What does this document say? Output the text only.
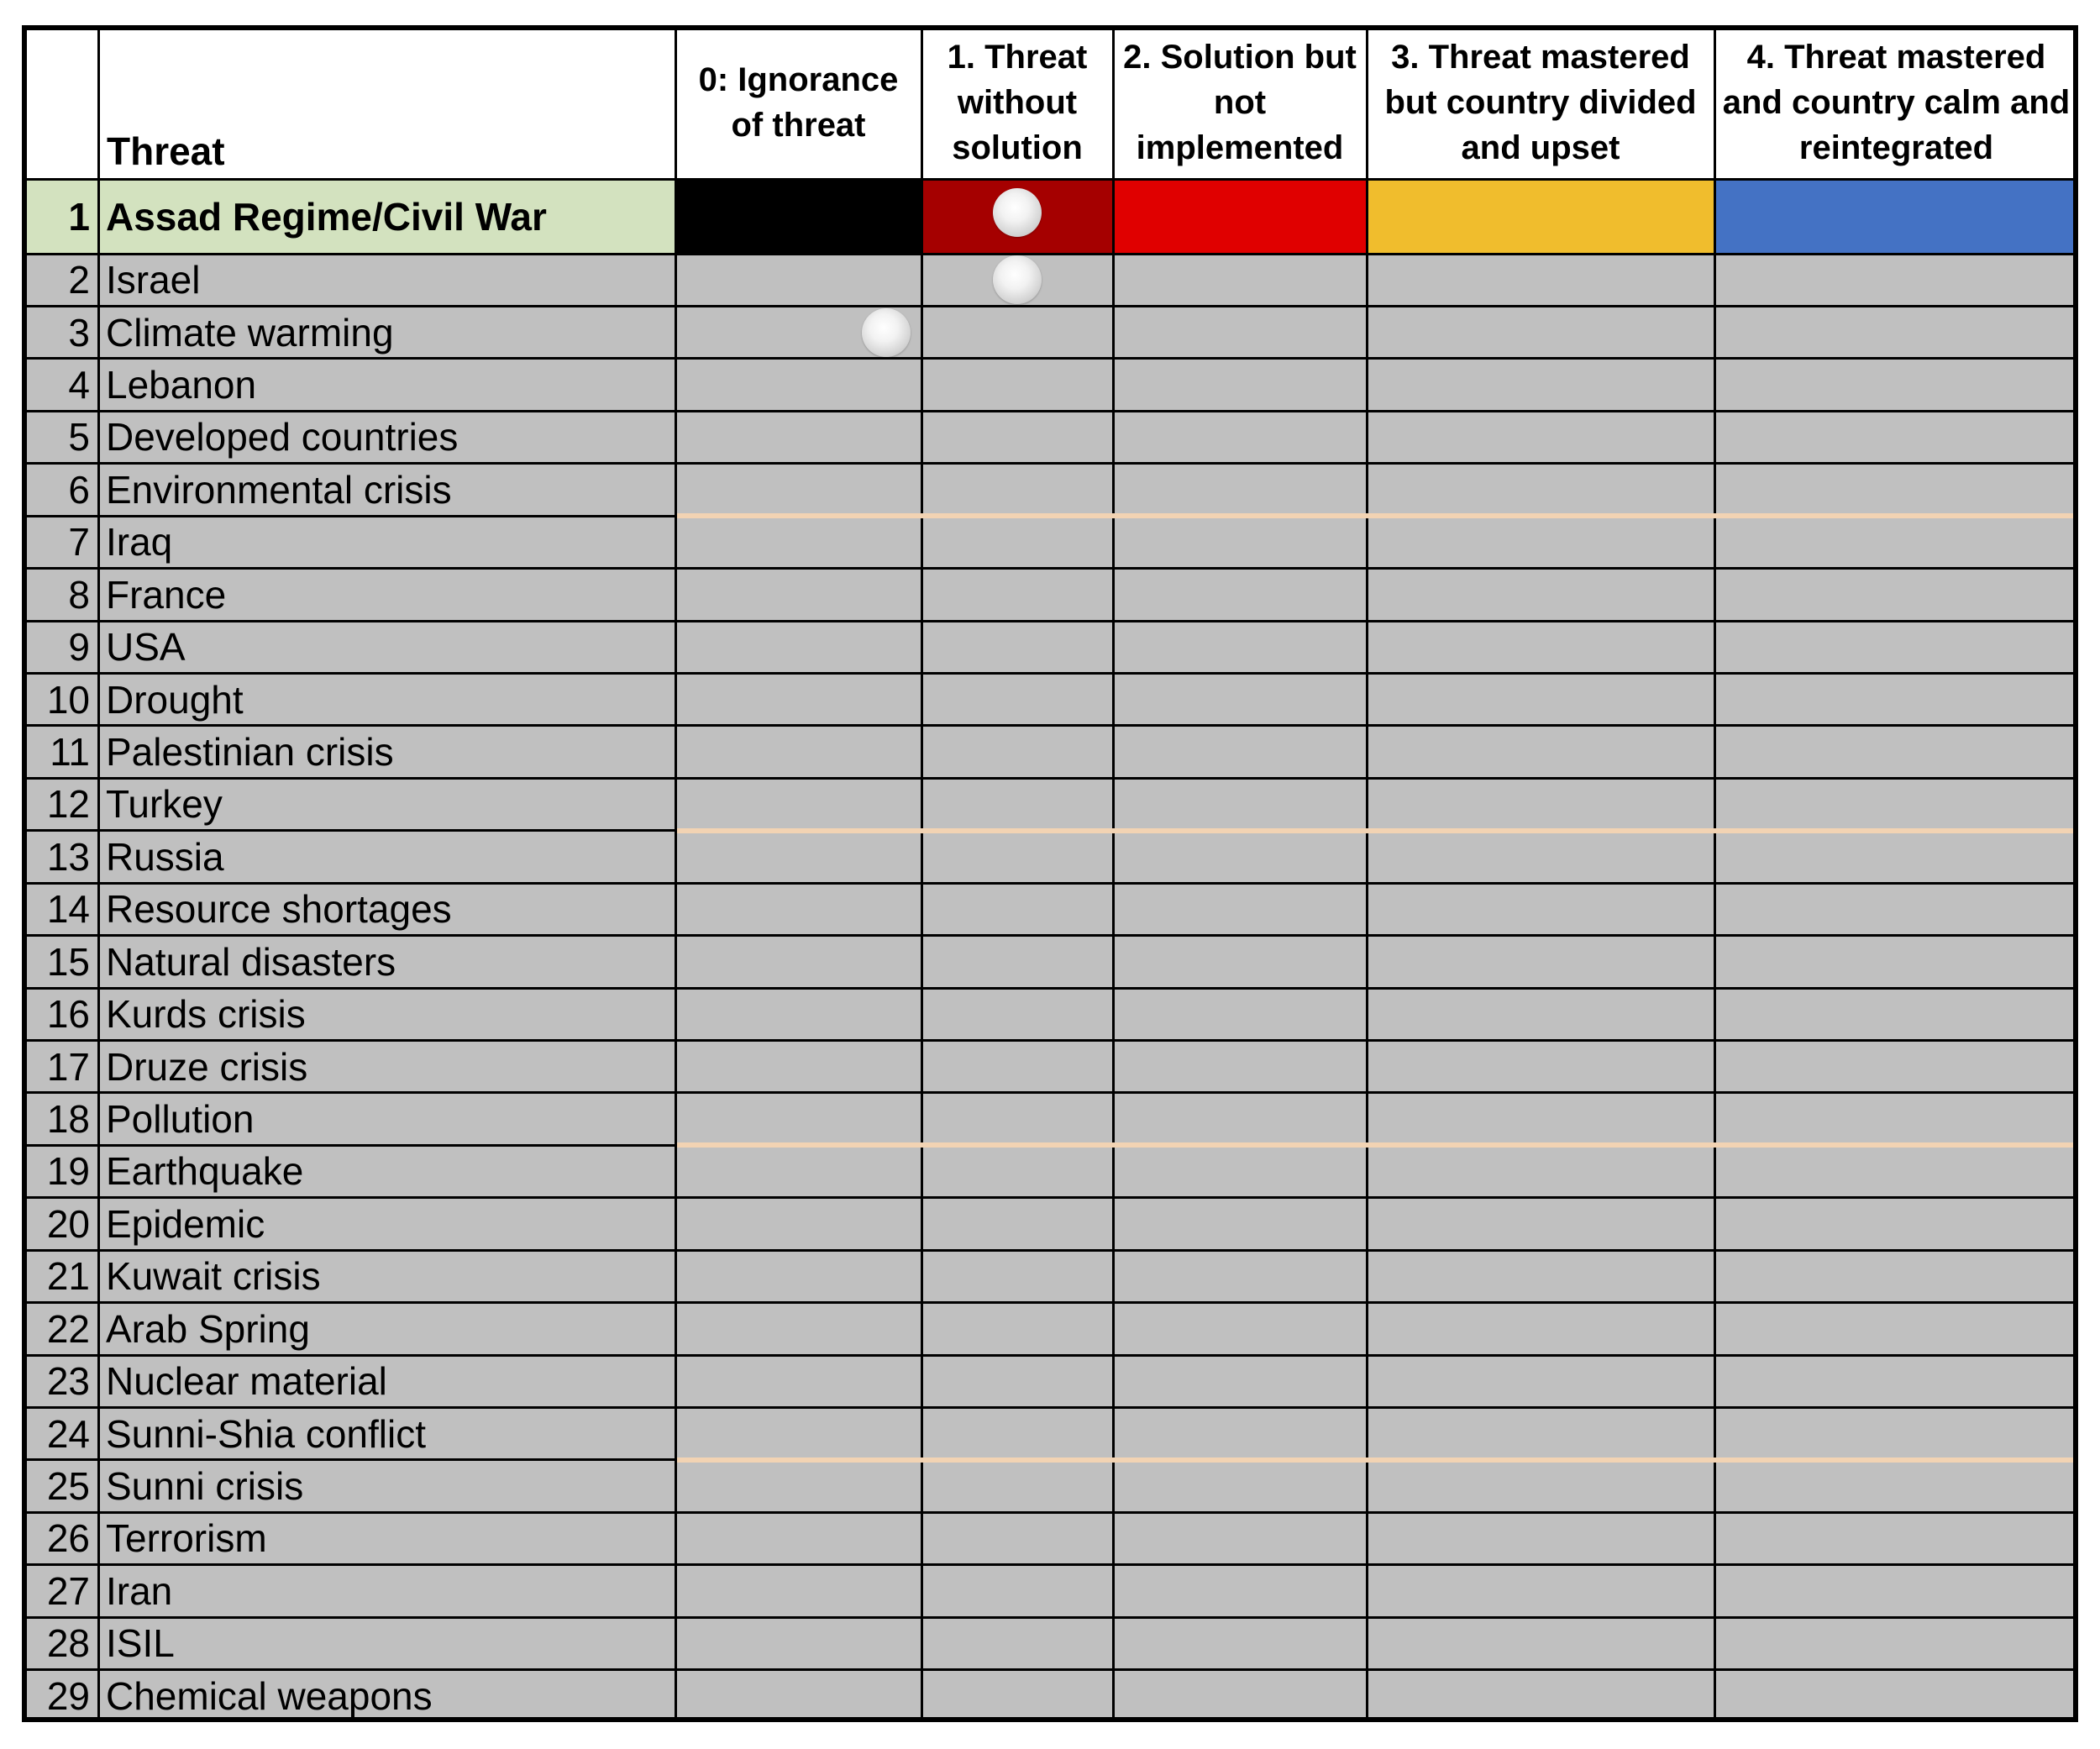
Threat
0: Ignorance of threat
1. Threat without solution
2. Solution but not implemented
3. Threat mastered but country divided and upset
4. Threat mastered and country calm and reintegrated
1 Assad Regime/Civil War
2 Israel
3 Climate warming
4 Lebanon
5 Developed countries
6 Environmental crisis
7 Iraq
8 France
9 USA
10 Drought
11 Palestinian crisis
12 Turkey
13 Russia
14 Resource shortages
15 Natural disasters
16 Kurds crisis
17 Druze crisis
18 Pollution
19 Earthquake
20 Epidemic
21 Kuwait crisis
22 Arab Spring
23 Nuclear material
24 Sunni-Shia conflict
25 Sunni crisis
26 Terrorism
27 Iran
28 ISIL
29 Chemical weapons
